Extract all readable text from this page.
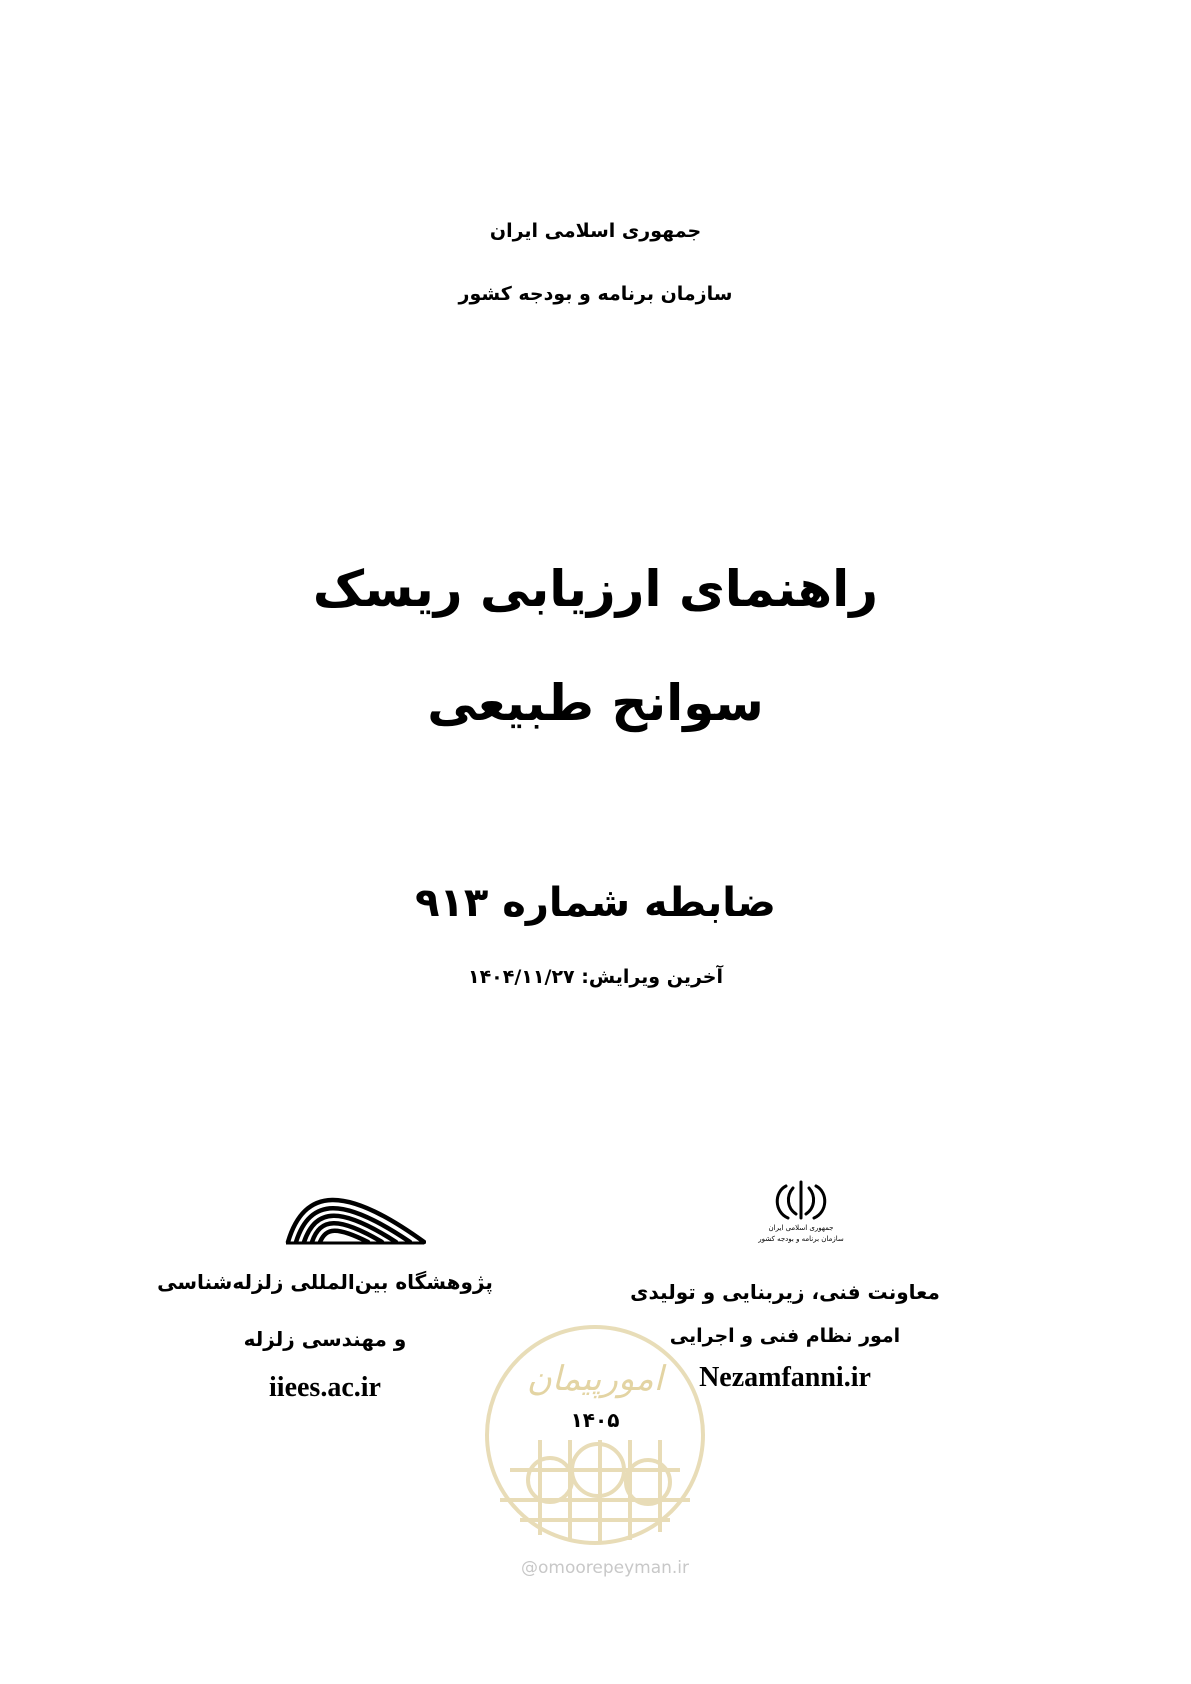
جمهوری اسلامی ایران
سازمان برنامه و بودجه کشور
راهنمای ارزیابی ریسک
سوانح طبیعی
ضابطه شماره ۹۱۳
آخرین ویرایش: ۱۴۰۴/۱۱/۲۷
پژوهشگاه بین‌المللی زلزله‌شناسی
و مهندسی زلزله
iiees.ac.ir
جمهوری اسلامی ایران
سازمان برنامه و بودجه کشور
معاونت فنی، زیربنایی و تولیدی
امور نظام فنی و اجرایی
Nezamfanni.ir
امورپیمان
۱۴۰۵
@omoorepeyman.ir
